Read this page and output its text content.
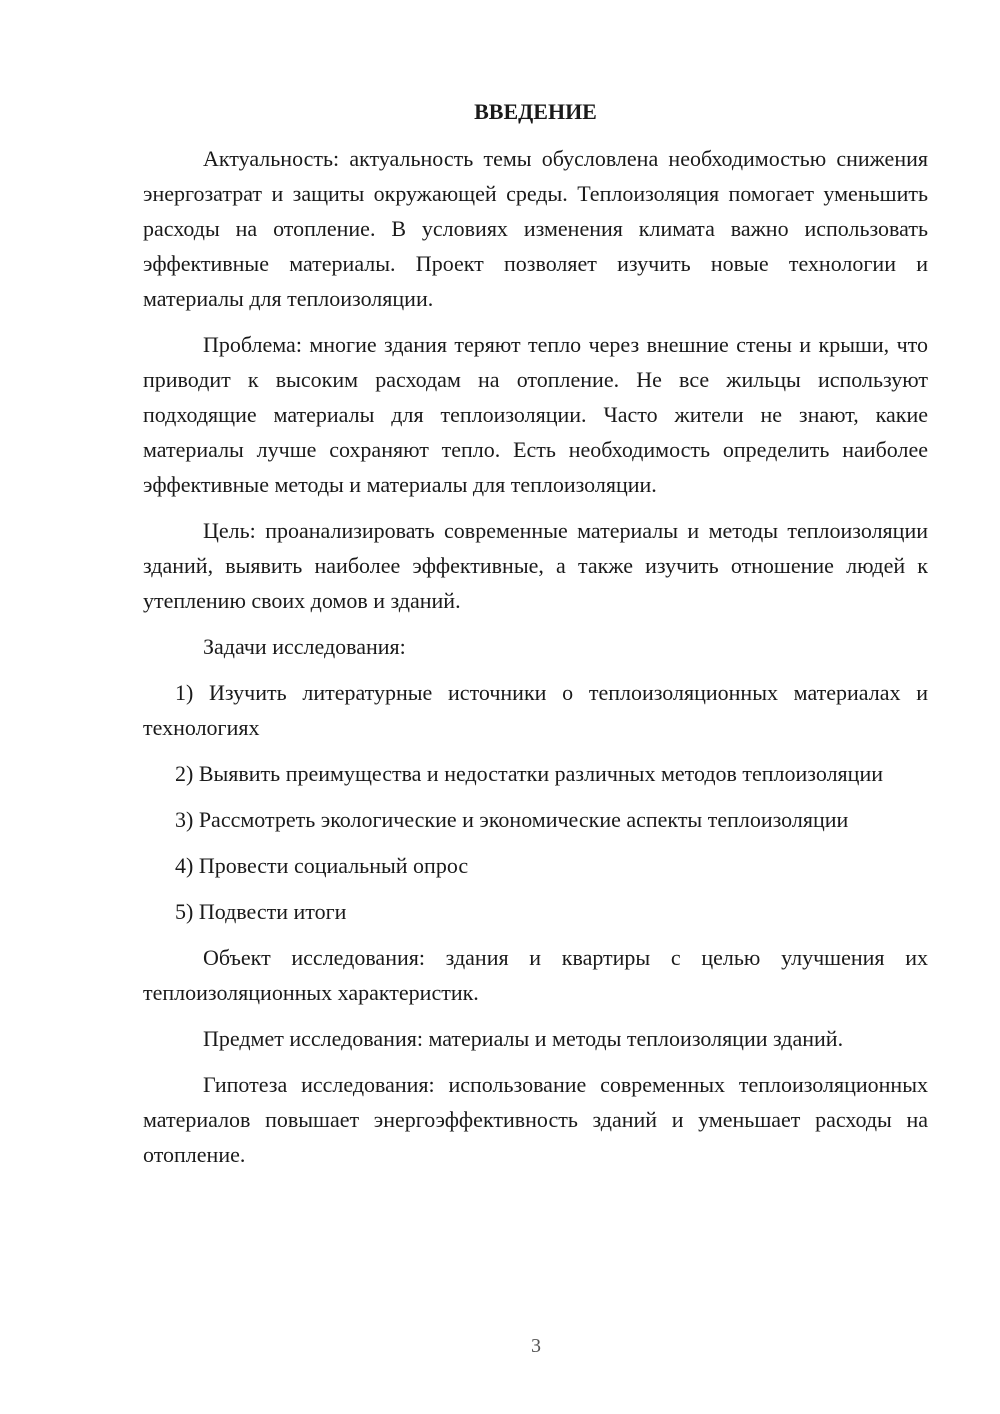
ВВЕДЕНИЕ

Актуальность: актуальность темы обусловлена необходимостью снижения энергозатрат и защиты окружающей среды. Теплоизоляция помогает уменьшить расходы на отопление. В условиях изменения климата важно использовать эффективные материалы. Проект позволяет изучить новые технологии и материалы для теплоизоляции.

Проблема: многие здания теряют тепло через внешние стены и крыши, что приводит к высоким расходам на отопление. Не все жильцы используют подходящие материалы для теплоизоляции. Часто жители не знают, какие материалы лучше сохраняют тепло. Есть необходимость определить наиболее эффективные методы и материалы для теплоизоляции.

Цель: проанализировать современные материалы и методы теплоизоляции зданий, выявить наиболее эффективные, а также изучить отношение людей к утеплению своих домов и зданий.

Задачи исследования:

1) Изучить литературные источники о теплоизоляционных материалах и технологиях

2) Выявить преимущества и недостатки различных методов теплоизоляции

3) Рассмотреть экологические и экономические аспекты теплоизоляции

4) Провести социальный опрос

5) Подвести итоги

Объект исследования: здания и квартиры с целью улучшения их теплоизоляционных характеристик.

Предмет исследования: материалы и методы теплоизоляции зданий.

Гипотеза исследования: использование современных теплоизоляционных материалов повышает энергоэффективность зданий и уменьшает расходы на отопление.

3
